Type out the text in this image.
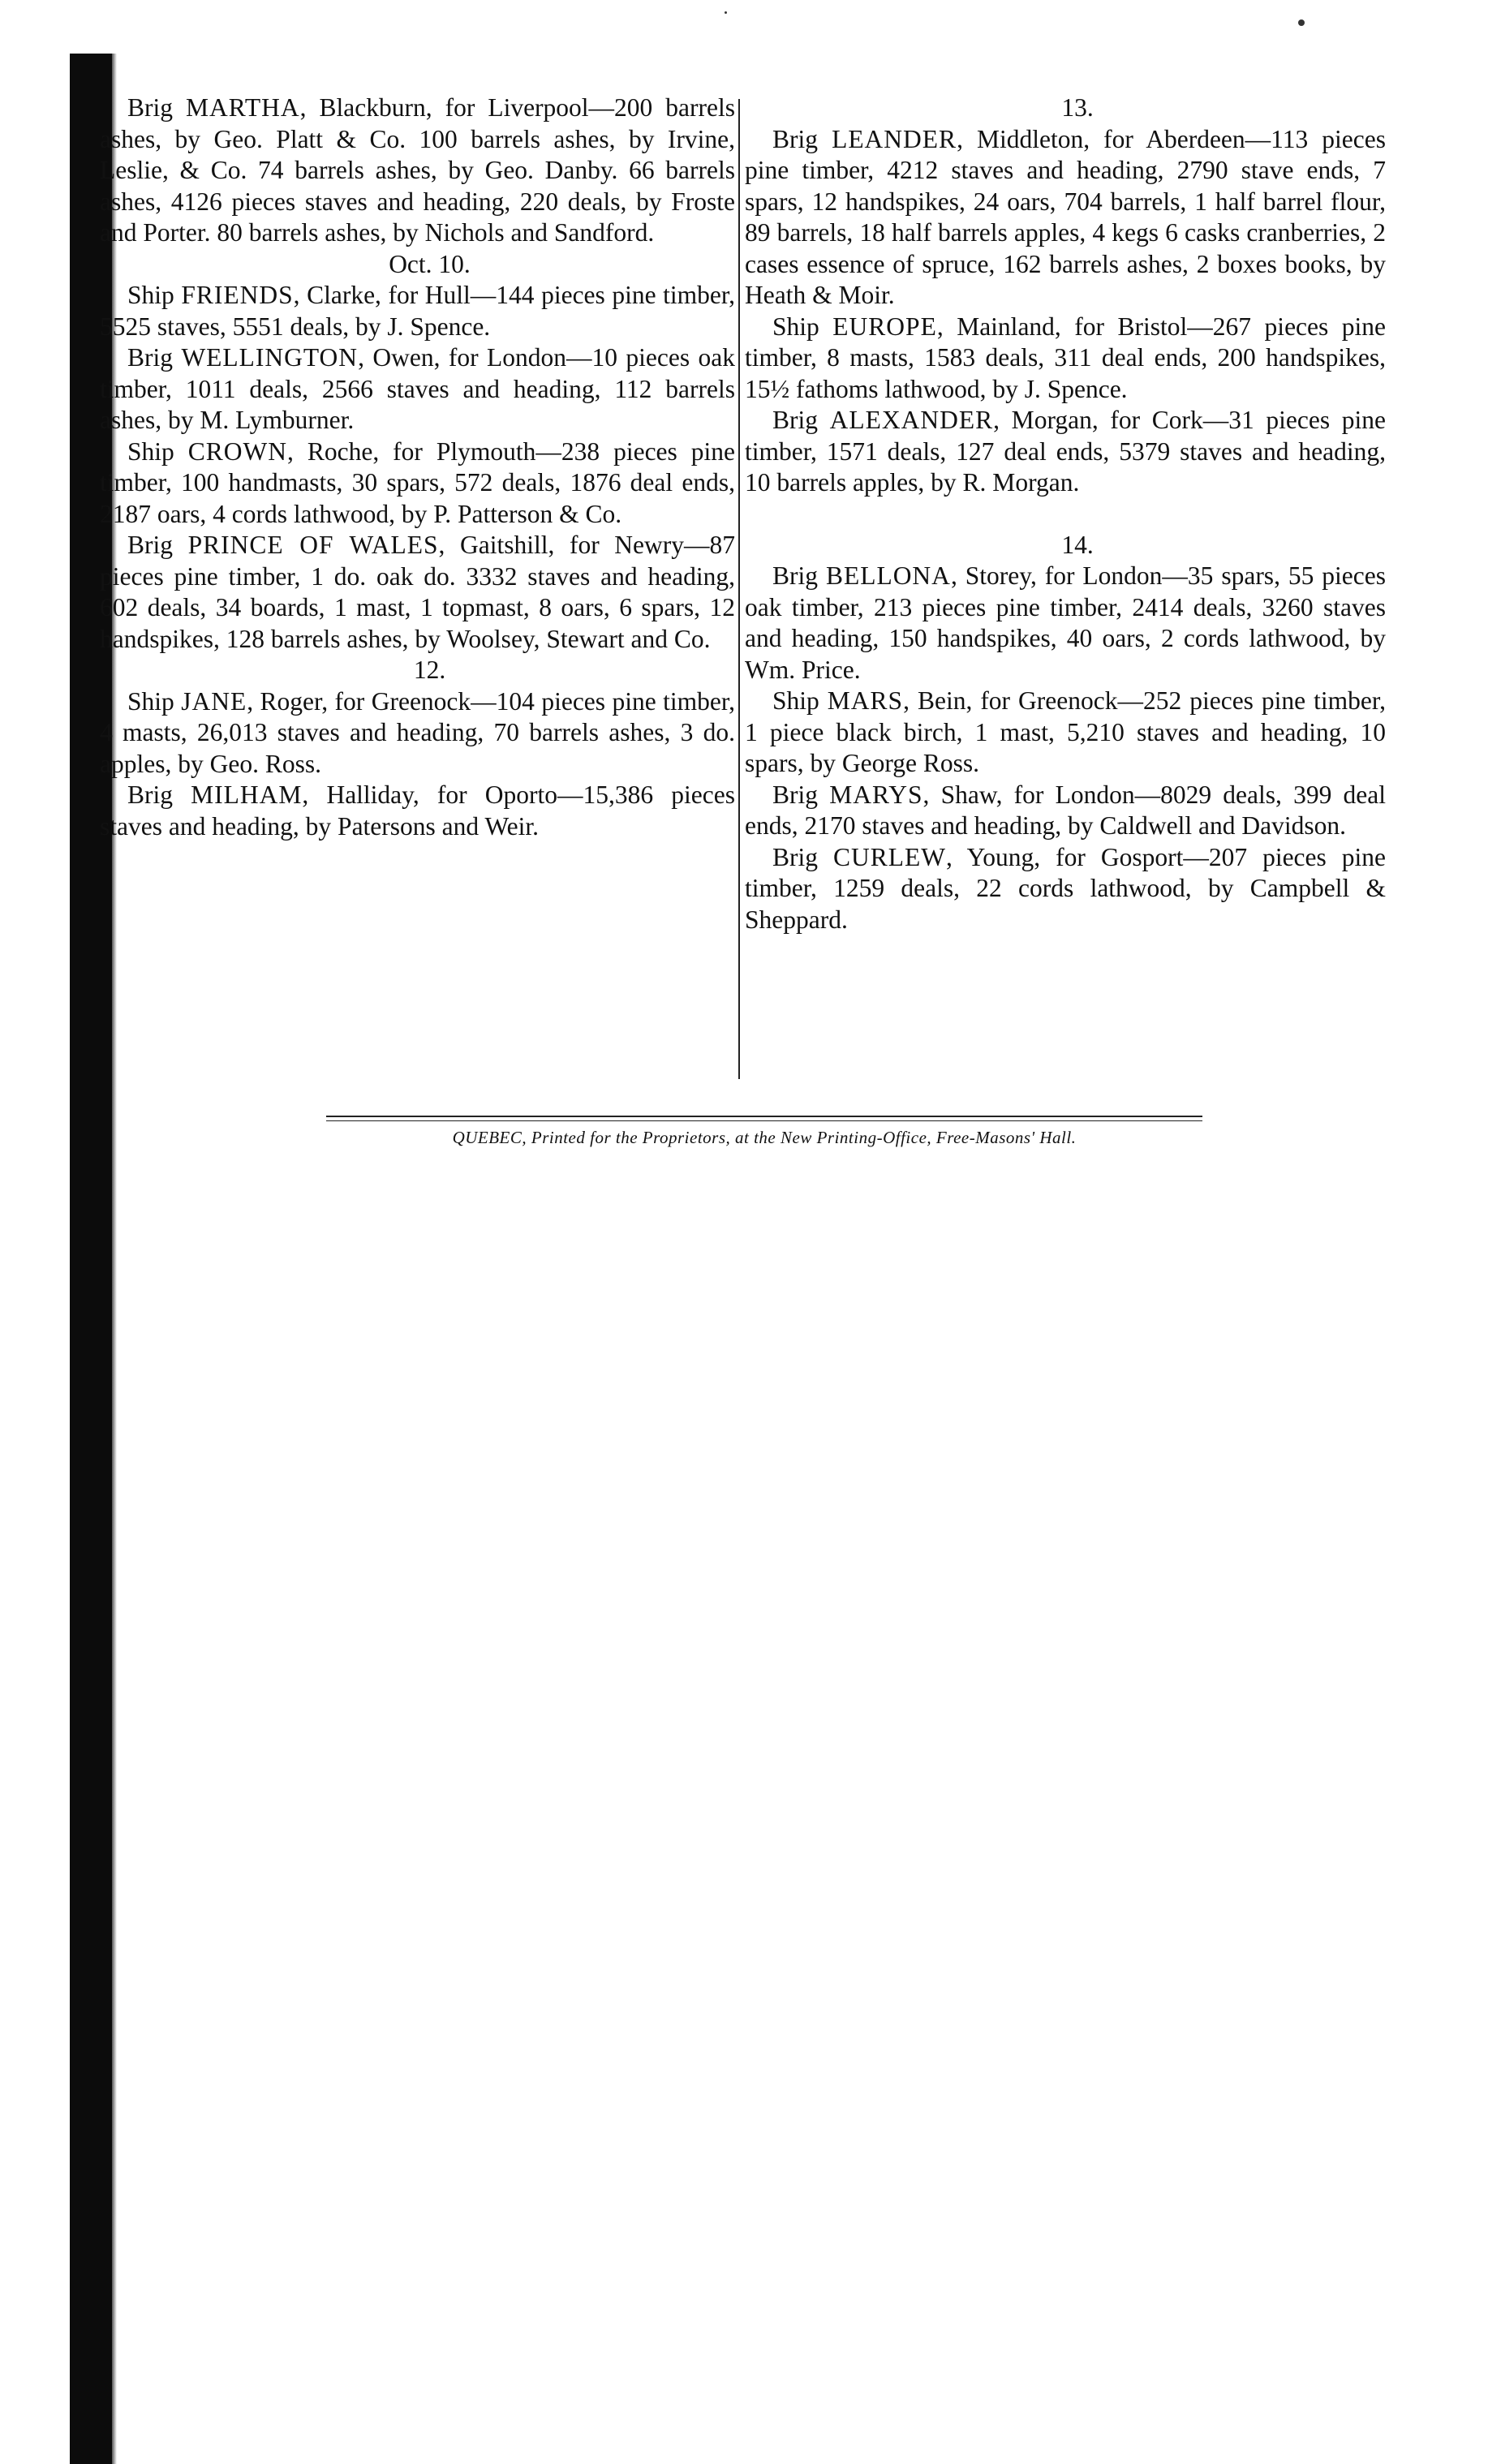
Brig MARTHA, Blackburn, for Liverpool—200 barrels ashes, by Geo. Platt & Co. 100 barrels ashes, by Irvine, Leslie, & Co. 74 barrels ashes, by Geo. Danby. 66 barrels ashes, 4126 pieces staves and heading, 220 deals, by Froste and Porter. 80 barrels ashes, by Nichols and Sandford.

Oct. 10.

Ship FRIENDS, Clarke, for Hull—144 pieces pine timber, 5525 staves, 5551 deals, by J. Spence.

Brig WELLINGTON, Owen, for London—10 pieces oak timber, 1011 deals, 2566 staves and heading, 112 barrels ashes, by M. Lymburner.

Ship CROWN, Roche, for Plymouth—238 pieces pine timber, 100 handmasts, 30 spars, 572 deals, 1876 deal ends, 2187 oars, 4 cords lathwood, by P. Patterson & Co.

Brig PRINCE OF WALES, Gaitshill, for Newry—87 pieces pine timber, 1 do. oak do. 3332 staves and heading, 602 deals, 34 boards, 1 mast, 1 topmast, 8 oars, 6 spars, 12 handspikes, 128 barrels ashes, by Woolsey, Stewart and Co.

12.

Ship JANE, Roger, for Greenock—104 pieces pine timber, 4 masts, 26,013 staves and heading, 70 barrels ashes, 3 do. apples, by Geo. Ross.

Brig MILHAM, Halliday, for Oporto—15,386 pieces staves and heading, by Patersons and Weir.

13.

Brig LEANDER, Middleton, for Aberdeen—113 pieces pine timber, 4212 staves and heading, 2790 stave ends, 7 spars, 12 handspikes, 24 oars, 704 barrels, 1 half barrel flour, 89 barrels, 18 half barrels apples, 4 kegs 6 casks cranberries, 2 cases essence of spruce, 162 barrels ashes, 2 boxes books, by Heath & Moir.

Ship EUROPE, Mainland, for Bristol—267 pieces pine timber, 8 masts, 1583 deals, 311 deal ends, 200 handspikes, 15½ fathoms lathwood, by J. Spence.

Brig ALEXANDER, Morgan, for Cork—31 pieces pine timber, 1571 deals, 127 deal ends, 5379 staves and heading, 10 barrels apples, by R. Morgan.

14.

Brig BELLONA, Storey, for London—35 spars, 55 pieces oak timber, 213 pieces pine timber, 2414 deals, 3260 staves and heading, 150 handspikes, 40 oars, 2 cords lathwood, by Wm. Price.

Ship MARS, Bein, for Greenock—252 pieces pine timber, 1 piece black birch, 1 mast, 5,210 staves and heading, 10 spars, by George Ross.

Brig MARYS, Shaw, for London—8029 deals, 399 deal ends, 2170 staves and heading, by Caldwell and Davidson.

Brig CURLEW, Young, for Gosport—207 pieces pine timber, 1259 deals, 22 cords lathwood, by Campbell & Sheppard.

QUEBEC, Printed for the Proprietors, at the New Printing-Office, Free-Masons' Hall.
